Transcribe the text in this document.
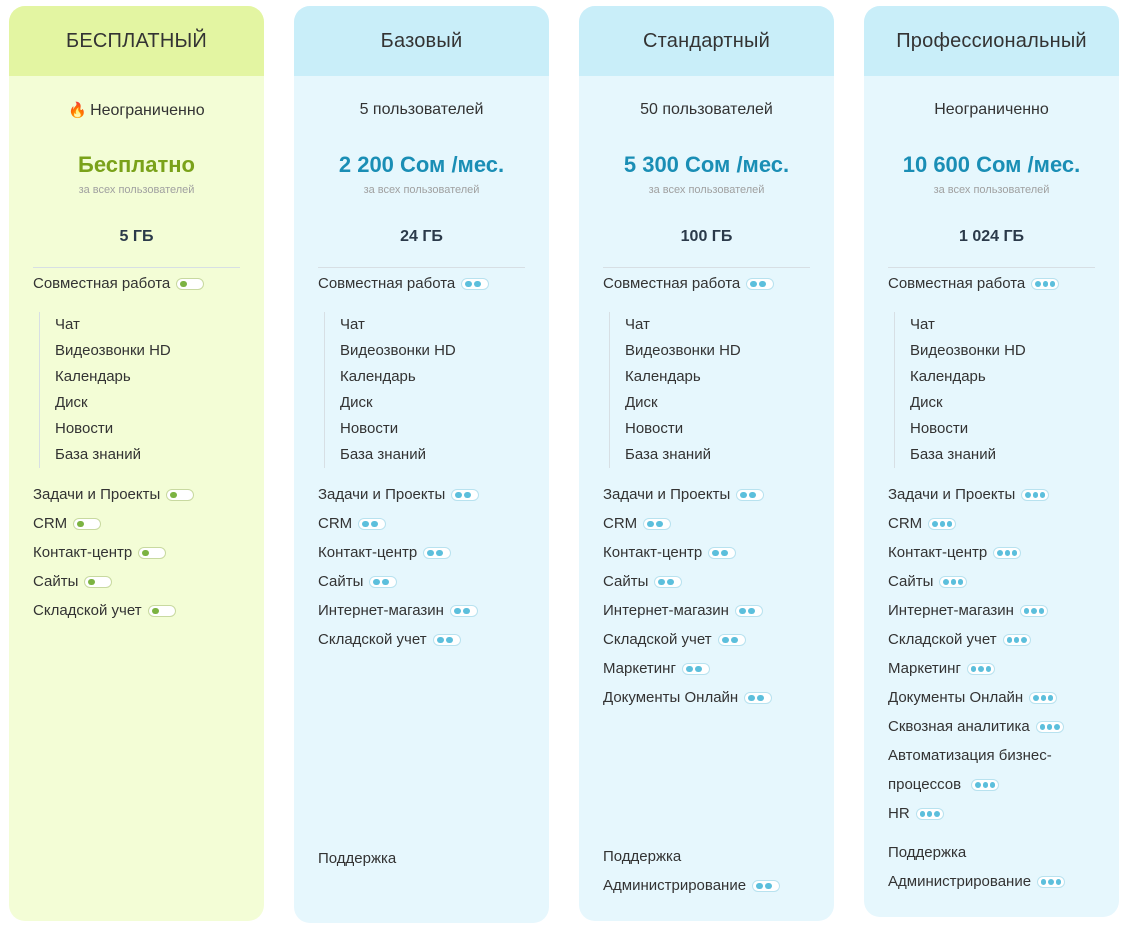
БЕСПЛАТНЫЙ
🔥 Неограниченно
Бесплатно
за всех пользователей
5 ГБ
Совместная работа
Чат
Видеозвонки HD
Календарь
Диск
Новости
База знаний
Задачи и Проекты
CRM
Контакт-центр
Сайты
Складской учет
Базовый
5 пользователей
2 200 Сом /мес.
за всех пользователей
24 ГБ
Совместная работа
Чат
Видеозвонки HD
Календарь
Диск
Новости
База знаний
Задачи и Проекты
CRM
Контакт-центр
Сайты
Интернет-магазин
Складской учет
Поддержка
Стандартный
50 пользователей
5 300 Сом /мес.
за всех пользователей
100 ГБ
Совместная работа
Чат
Видеозвонки HD
Календарь
Диск
Новости
База знаний
Задачи и Проекты
CRM
Контакт-центр
Сайты
Интернет-магазин
Складской учет
Маркетинг
Документы Онлайн
Поддержка
Администрирование
Профессиональный
Неограниченно
10 600 Сом /мес.
за всех пользователей
1 024 ГБ
Совместная работа
Чат
Видеозвонки HD
Календарь
Диск
Новости
База знаний
Задачи и Проекты
CRM
Контакт-центр
Сайты
Интернет-магазин
Складской учет
Маркетинг
Документы Онлайн
Сквозная аналитика
Автоматизация бизнес-процессов
HR
Поддержка
Администрирование
